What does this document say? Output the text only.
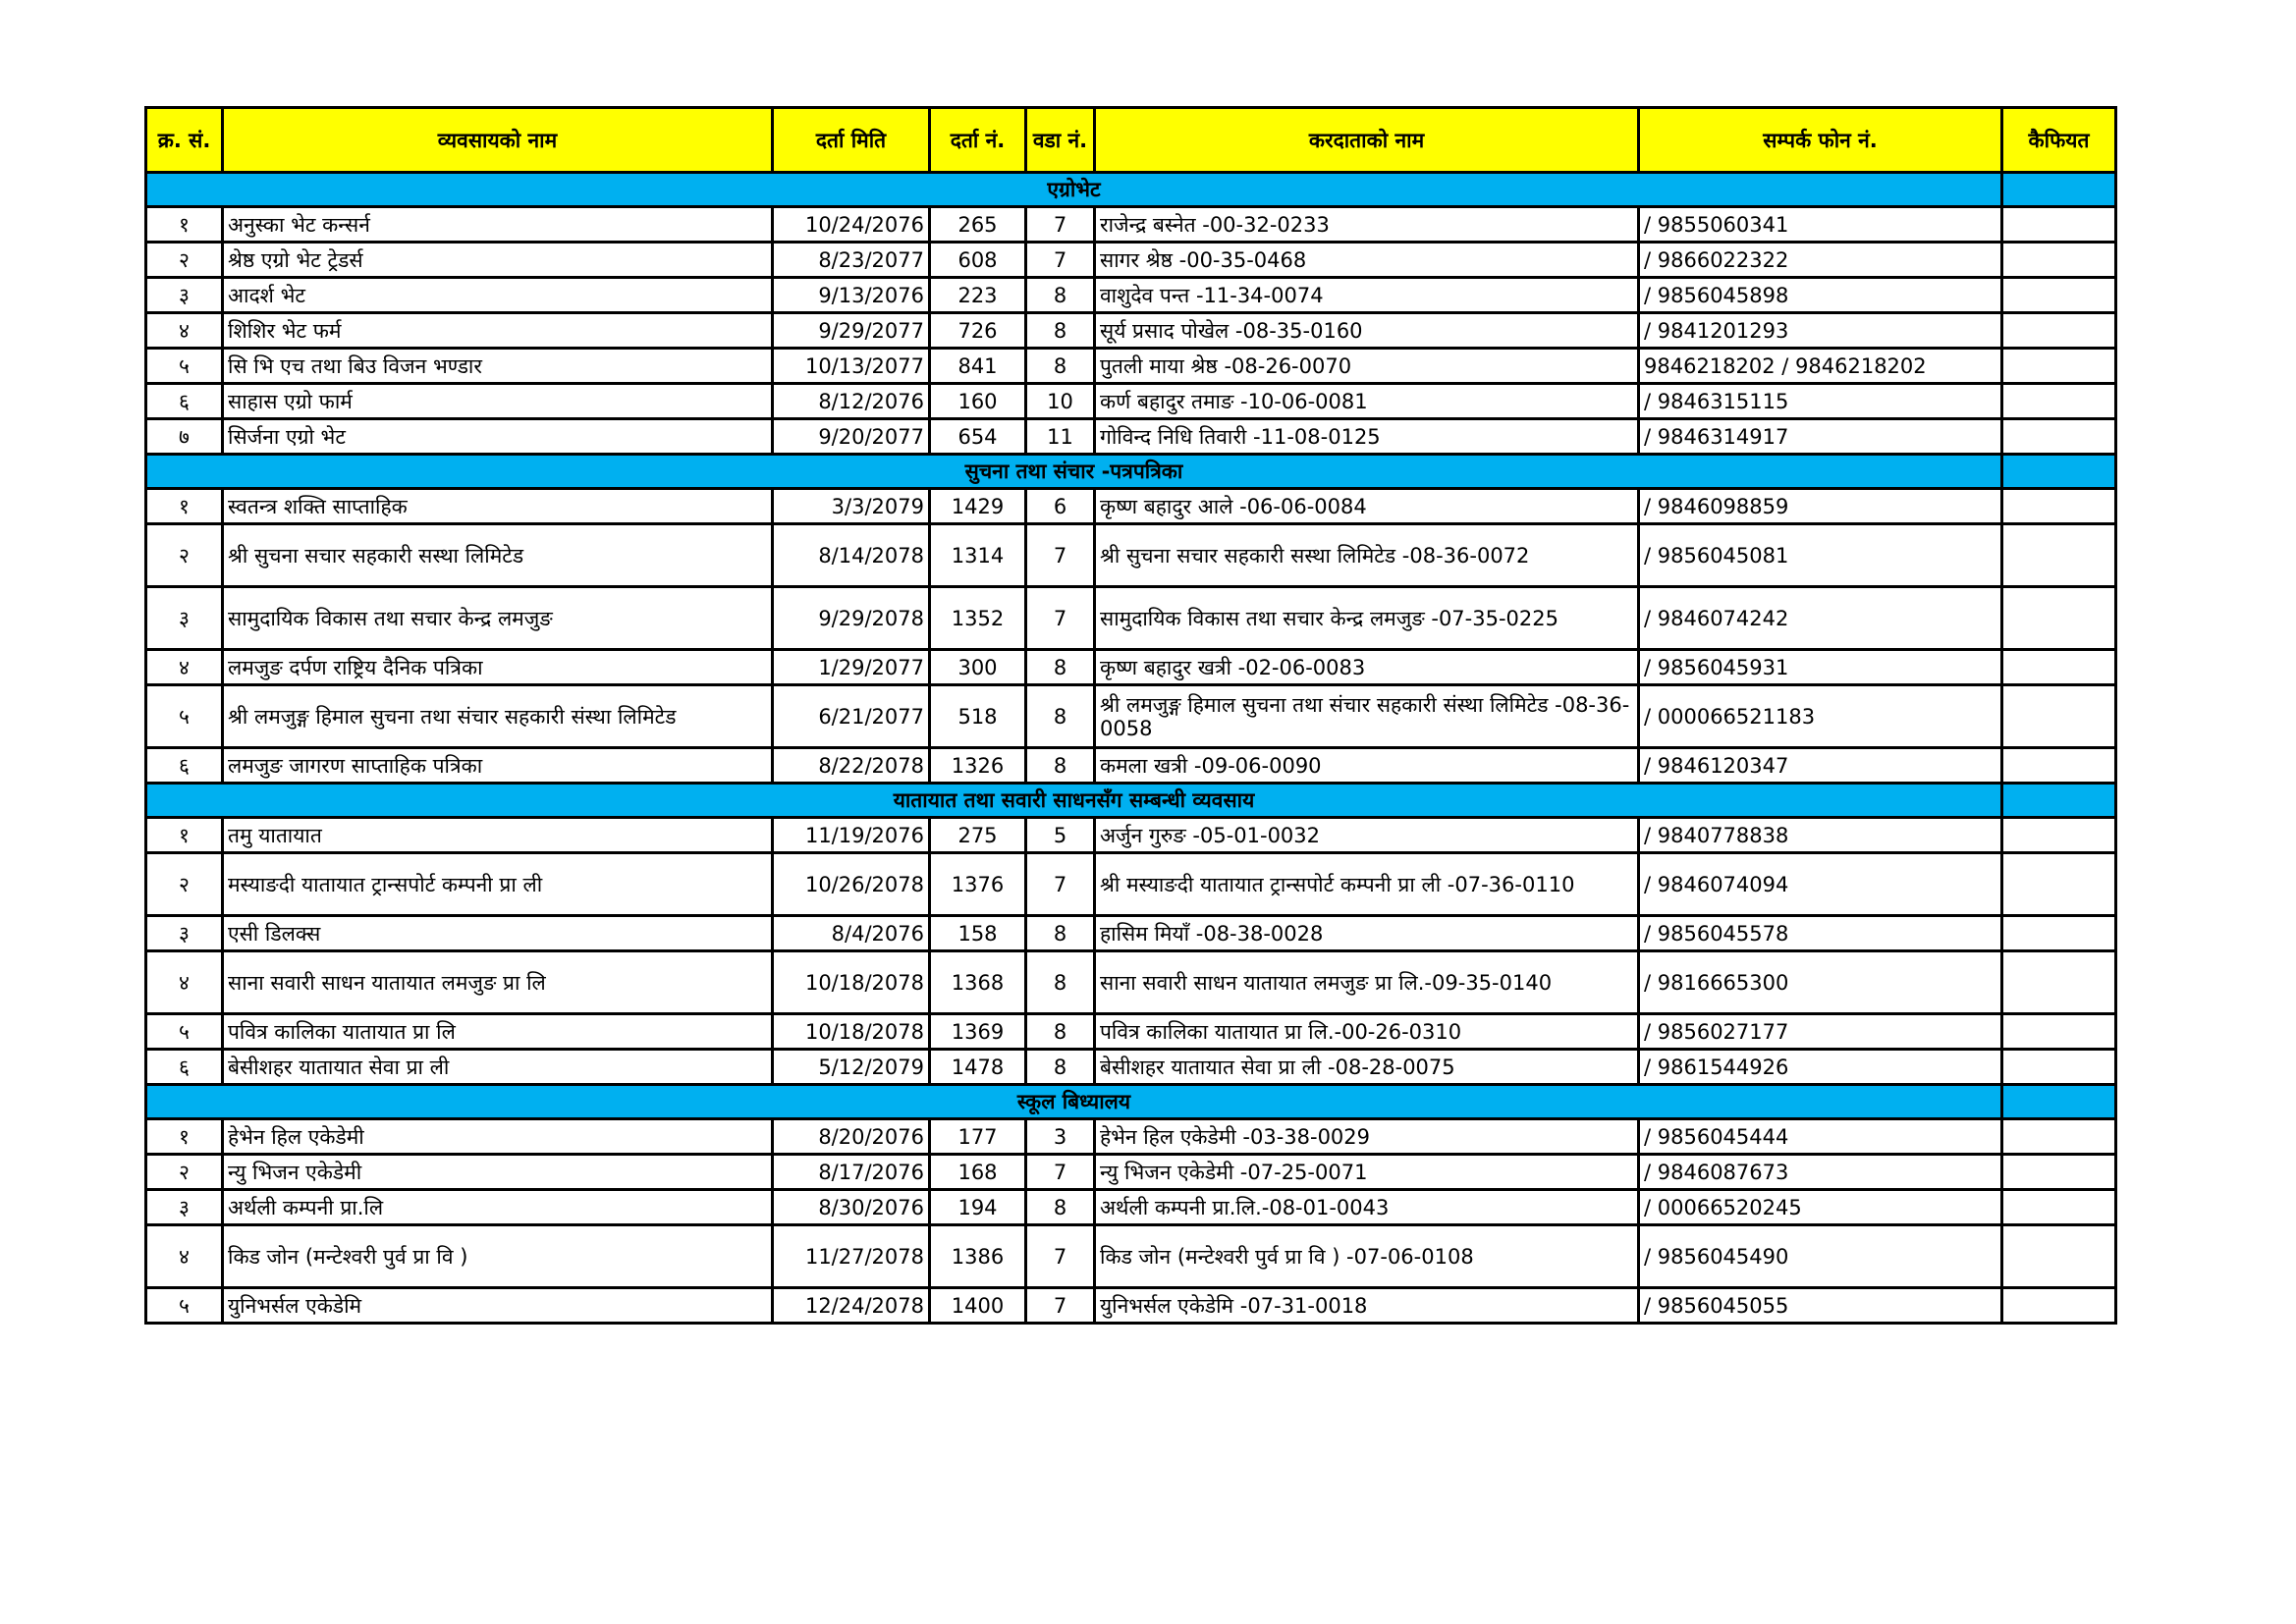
क्र. सं.	व्यवसायको नाम	दर्ता मिति	दर्ता नं.	वडा नं.	करदाताको नाम	सम्पर्क फोन नं.	कैफियत
एग्रोभेट							
१	अनुस्का भेट कन्सर्न	10/24/2076	265	7	राजेन्द्र बस्नेत -00-32-0233	/ 9855060341	
२	श्रेष्ठ एग्रो भेट ट्रेडर्स	8/23/2077	608	7	सागर श्रेष्ठ -00-35-0468	/ 9866022322	
३	आदर्श भेट	9/13/2076	223	8	वाशुदेव पन्त -11-34-0074	/ 9856045898	
४	शिशिर भेट फर्म	9/29/2077	726	8	सूर्य प्रसाद पोखेल -08-35-0160	/ 9841201293	
५	सि भि एच तथा बिउ विजन भण्डार	10/13/2077	841	8	पुतली माया श्रेष्ठ -08-26-0070	9846218202 / 9846218202	
६	साहास एग्रो फार्म	8/12/2076	160	10	कर्ण बहादुर तमाङ -10-06-0081	/ 9846315115	
७	सिर्जना एग्रो भेट	9/20/2077	654	11	गोविन्द निधि तिवारी -11-08-0125	/ 9846314917	
सुचना तथा संचार -पत्रपत्रिका							
१	स्वतन्त्र शक्ति साप्ताहिक	3/3/2079	1429	6	कृष्ण बहादुर आले -06-06-0084	/ 9846098859	
२	श्री सुचना सचार सहकारी सस्था लिमिटेड	8/14/2078	1314	7	श्री सुचना सचार सहकारी सस्था लिमिटेड -08-36-0072	/ 9856045081	
३	सामुदायिक विकास तथा सचार केन्द्र लमजुङ	9/29/2078	1352	7	सामुदायिक विकास तथा सचार केन्द्र लमजुङ -07-35-0225	/ 9846074242	
४	लमजुङ दर्पण राष्ट्रिय दैनिक पत्रिका	1/29/2077	300	8	कृष्ण बहादुर खत्री -02-06-0083	/ 9856045931	
५	श्री लमजुङ्ग हिमाल सुचना तथा संचार सहकारी संस्था लिमिटेड	6/21/2077	518	8	श्री लमजुङ्ग हिमाल सुचना तथा संचार सहकारी संस्था लिमिटेड -08-36-0058	/ 000066521183	
६	लमजुङ जागरण साप्ताहिक पत्रिका	8/22/2078	1326	8	कमला खत्री -09-06-0090	/ 9846120347	
यातायात तथा सवारी साधनसँग सम्बन्धी व्यवसाय							
१	तमु यातायात	11/19/2076	275	5	अर्जुन गुरुङ -05-01-0032	/ 9840778838	
२	मस्याङदी यातायात ट्रान्सपोर्ट कम्पनी प्रा ली	10/26/2078	1376	7	श्री मस्याङदी यातायात ट्रान्सपोर्ट कम्पनी प्रा ली -07-36-0110	/ 9846074094	
३	एसी डिलक्स	8/4/2076	158	8	हासिम मियाँ -08-38-0028	/ 9856045578	
४	साना सवारी साधन यातायात लमजुङ प्रा लि	10/18/2078	1368	8	साना सवारी साधन यातायात लमजुङ प्रा लि.-09-35-0140	/ 9816665300	
५	पवित्र कालिका यातायात प्रा लि	10/18/2078	1369	8	पवित्र कालिका यातायात प्रा लि.-00-26-0310	/ 9856027177	
६	बेसीशहर यातायात सेवा प्रा ली	5/12/2079	1478	8	बेसीशहर यातायात सेवा प्रा ली -08-28-0075	/ 9861544926	
स्कूल बिध्यालय							
१	हेभेन हिल एकेडेमी	8/20/2076	177	3	हेभेन हिल एकेडेमी -03-38-0029	/ 9856045444	
२	न्यु भिजन एकेडेमी	8/17/2076	168	7	न्यु भिजन एकेडेमी -07-25-0071	/ 9846087673	
३	अर्थली कम्पनी प्रा.लि	8/30/2076	194	8	अर्थली कम्पनी प्रा.लि.-08-01-0043	/ 00066520245	
४	किड जोन (मन्टेश्वरी पुर्व प्रा वि )	11/27/2078	1386	7	किड जोन (मन्टेश्वरी पुर्व प्रा वि ) -07-06-0108	/ 9856045490	
५	युनिभर्सल एकेडेमि	12/24/2078	1400	7	युनिभर्सल एकेडेमि -07-31-0018	/ 9856045055	
